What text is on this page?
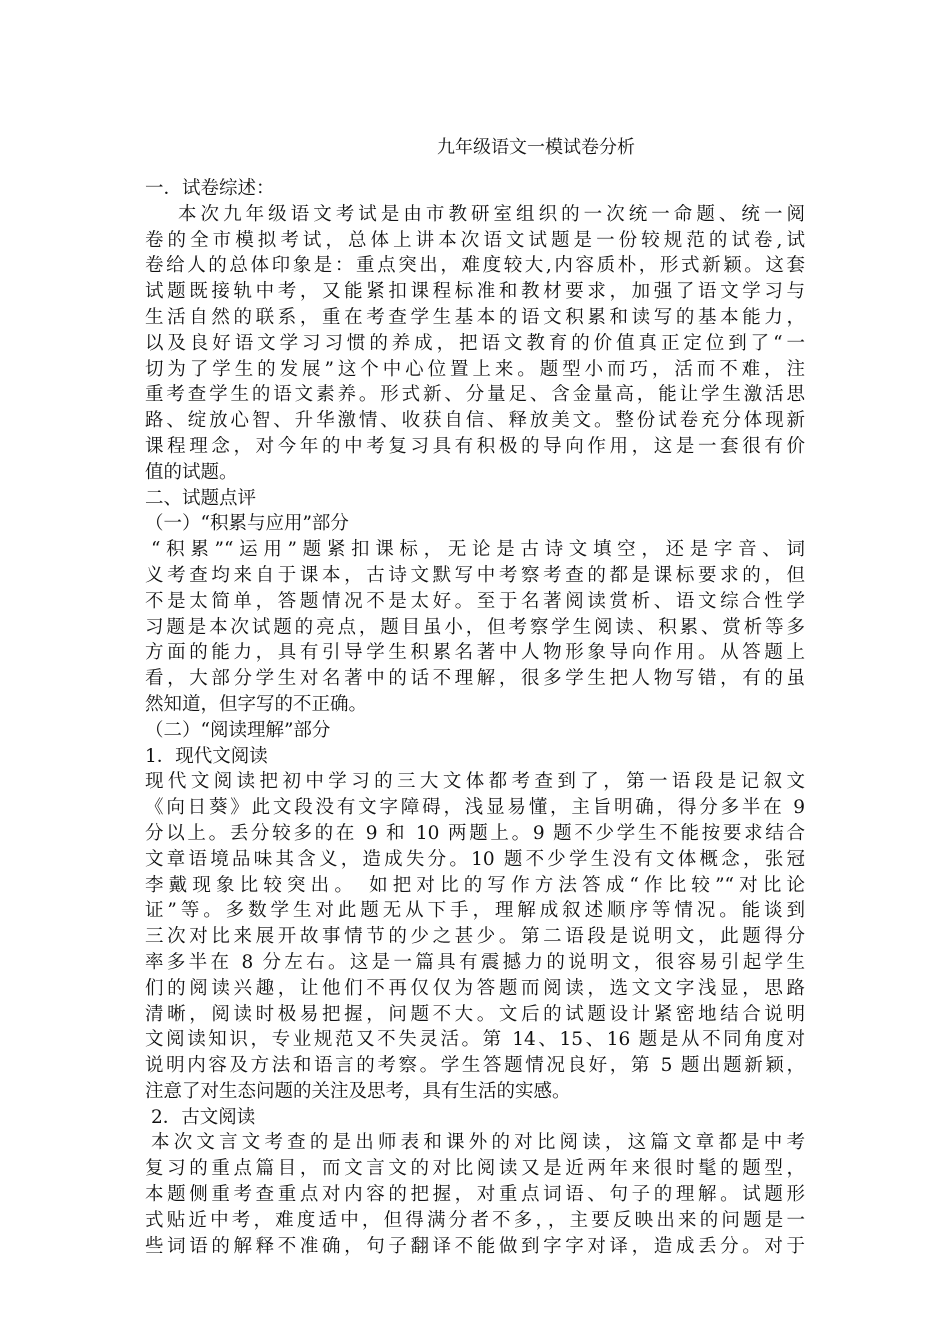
九年级语文一模试卷分析
一．试卷综述：
本次九年级语文考试是由市教研室组织的一次统一命题、统一阅
卷的全市模拟考试，总体上讲本次语文试题是一份较规范的试卷,试
卷给人的总体印象是：重点突出，难度较大,内容质朴，形式新颖。这套
试题既接轨中考，又能紧扣课程标准和教材要求，加强了语文学习与
生活自然的联系，重在考查学生基本的语文积累和读写的基本能力，
以及良好语文学习习惯的养成，把语文教育的价值真正定位到了“一
切为了学生的发展”这个中心位置上来。题型小而巧，活而不难，注
重考查学生的语文素养。形式新、分量足、含金量高，能让学生激活思
路、绽放心智、升华激情、收获自信、释放美文。整份试卷充分体现新
课程理念，对今年的中考复习具有积极的导向作用，这是一套很有价
值的试题。
二、试题点评
（一）“积累与应用”部分
“积累”“运用”题紧扣课标，无论是古诗文填空，还是字音、词
义考查均来自于课本，古诗文默写中考察考查的都是课标要求的，但
不是太简单，答题情况不是太好。至于名著阅读赏析、语文综合性学
习题是本次试题的亮点，题目虽小，但考察学生阅读、积累、赏析等多
方面的能力，具有引导学生积累名著中人物形象导向作用。从答题上
看，大部分学生对名著中的话不理解，很多学生把人物写错，有的虽
然知道，但字写的不正确。
（二）“阅读理解”部分
1．现代文阅读
现代文阅读把初中学习的三大文体都考查到了，第一语段是记叙文
《向日葵》此文段没有文字障碍，浅显易懂，主旨明确，得分多半在 9
分以上。丢分较多的在 9 和 10 两题上。9 题不少学生不能按要求结合
文章语境品味其含义，造成失分。10 题不少学生没有文体概念，张冠
李戴现象比较突出。 如把对比的写作方法答成“作比较”“对比论
证”等。多数学生对此题无从下手，理解成叙述顺序等情况。能谈到
三次对比来展开故事情节的少之甚少。第二语段是说明文，此题得分
率多半在 8 分左右。这是一篇具有震撼力的说明文，很容易引起学生
们的阅读兴趣，让他们不再仅仅为答题而阅读，选文文字浅显，思路
清晰，阅读时极易把握，问题不大。文后的试题设计紧密地结合说明
文阅读知识，专业规范又不失灵活。第 14、15、16 题是从不同角度对
说明内容及方法和语言的考察。学生答题情况良好，第 5 题出题新颖，
注意了对生态问题的关注及思考，具有生活的实感。
2．古文阅读
本次文言文考查的是出师表和课外的对比阅读，这篇文章都是中考
复习的重点篇目，而文言文的对比阅读又是近两年来很时髦的题型，
本题侧重考查重点对内容的把握，对重点词语、句子的理解。试题形
式贴近中考，难度适中，但得满分者不多，，主要反映出来的问题是一
些词语的解释不准确，句子翻译不能做到字字对译，造成丢分。对于
